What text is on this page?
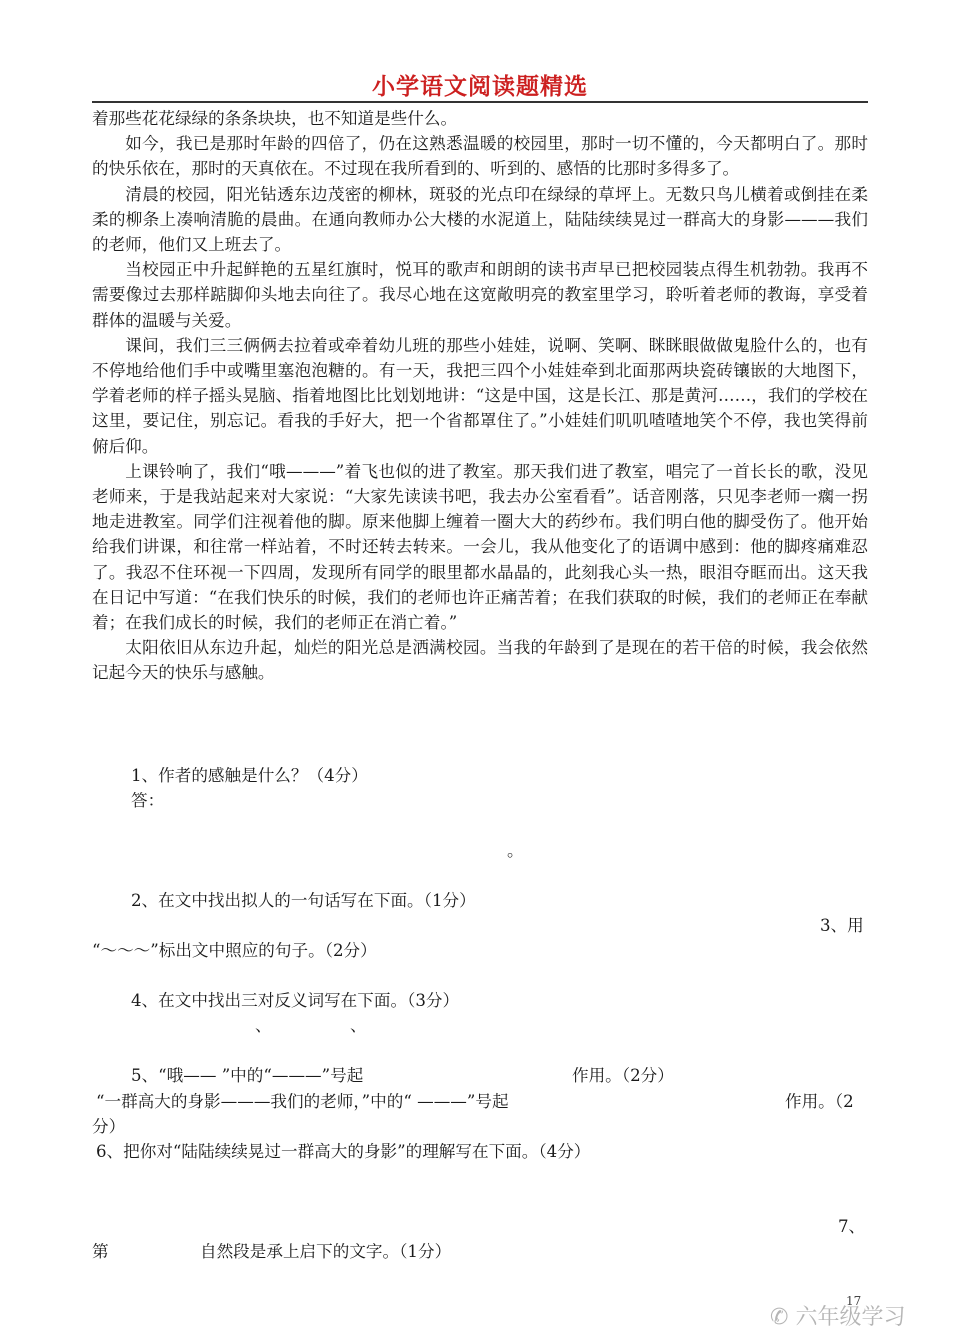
小学语文阅读题精选

着那些花花绿绿的条条块块，也不知道是些什么。

如今，我已是那时年龄的四倍了，仍在这熟悉温暖的校园里，那时一切不懂的，今天都明白了。那时的快乐依在，那时的天真依在。不过现在我所看到的、听到的、感悟的比那时多得多了。

清晨的校园，阳光钻透东边茂密的柳林，斑驳的光点印在绿绿的草坪上。无数只鸟儿横着或倒挂在柔柔的柳条上凑响清脆的晨曲。在通向教师办公大楼的水泥道上，陆陆续续晃过一群高大的身影———我们的老师，他们又上班去了。

当校园正中升起鲜艳的五星红旗时，悦耳的歌声和朗朗的读书声早已把校园装点得生机勃勃。我再不需要像过去那样踮脚仰头地去向往了。我尽心地在这宽敞明亮的教室里学习，聆听着老师的教诲，享受着群体的温暖与关爱。

课间，我们三三俩俩去拉着或牵着幼儿班的那些小娃娃，说啊、笑啊、眯眯眼做做鬼脸什么的，也有不停地给他们手中或嘴里塞泡泡糖的。有一天，我把三四个小娃娃牵到北面那两块瓷砖镶嵌的大地图下，学着老师的样子摇头晃脑、指着地图比比划划地讲：“这是中国，这是长江、那是黄河……，我们的学校在这里，要记住，别忘记。看我的手好大，把一个省都罩住了。”小娃娃们叽叽喳喳地笑个不停，我也笑得前俯后仰。

上课铃响了，我们“哦———”着飞也似的进了教室。那天我们进了教室，唱完了一首长长的歌，没见老师来，于是我站起来对大家说：“大家先读读书吧，我去办公室看看”。话音刚落，只见李老师一瘸一拐地走进教室。同学们注视着他的脚。原来他脚上缠着一圈大大的药纱布。我们明白他的脚受伤了。他开始给我们讲课，和往常一样站着，不时还转去转来。一会儿，我从他变化了的语调中感到：他的脚疼痛难忍了。我忍不住环视一下四周，发现所有同学的眼里都水晶晶的，此刻我心头一热，眼泪夺眶而出。这天我在日记中写道：“在我们快乐的时候，我们的老师也许正痛苦着；在我们获取的时候，我们的老师正在奉献着；在我们成长的时候，我们的老师正在消亡着。”

太阳依旧从东边升起，灿烂的阳光总是洒满校园。当我的年龄到了是现在的若干倍的时候，我会依然记起今天的快乐与感触。

1、作者的感触是什么？（4分）
答：
。
2、在文中找出拟人的一句话写在下面。（1分）
3、用
“～～～”标出文中照应的句子。（2分）
4、在文中找出三对反义词写在下面。（3分）
、	、
5、“哦—— ”中的“———”号起	作用。（2分）
“一群高大的身影———我们的老师，”中的“ ———”号起	作用。（2
分）
6、把你对“陆陆续续晃过一群高大的身影”的理解写在下面。（4分）
7、
第	自然段是承上启下的文字。（1分）
17
✆ 六年级学习
